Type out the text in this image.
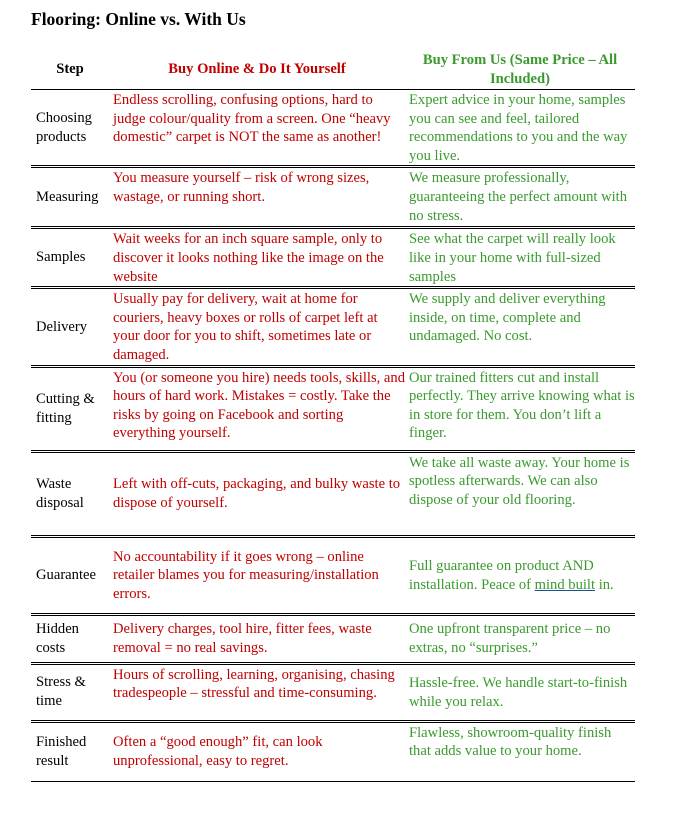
Flooring: Online vs. With Us
Step	Buy Online & Do It Yourself	Buy From Us (Same Price – All Included)
Choosing products	Endless scrolling, confusing options, hard to judge colour/quality from a screen. One “heavy domestic” carpet is NOT the same as another!	Expert advice in your home, samples you can see and feel, tailored recommendations to you and the way you live.
Measuring	You measure yourself – risk of wrong sizes, wastage, or running short.	We measure professionally, guaranteeing the perfect amount with no stress.
Samples	Wait weeks for an inch square sample, only to discover it looks nothing like the image on the website	See what the carpet will really look like in your home with full-sized samples
Delivery	Usually pay for delivery, wait at home for couriers, heavy boxes or rolls of carpet left at your door for you to shift, sometimes late or damaged.	We supply and deliver everything inside, on time, complete and undamaged. No cost.
Cutting & fitting	You (or someone you hire) needs tools, skills, and hours of hard work. Mistakes = costly. Take the risks by going on Facebook and sorting everything yourself.	Our trained fitters cut and install perfectly. They arrive knowing what is in store for them. You don’t lift a finger.
Waste disposal	Left with off-cuts, packaging, and bulky waste to dispose of yourself.	We take all waste away. Your home is spotless afterwards. We can also dispose of your old flooring.
Guarantee	No accountability if it goes wrong – online retailer blames you for measuring/installation errors.	Full guarantee on product AND installation. Peace of mind built in.
Hidden costs	Delivery charges, tool hire, fitter fees, waste removal = no real savings.	One upfront transparent price – no extras, no “surprises.”
Stress & time	Hours of scrolling, learning, organising, chasing tradespeople – stressful and time-consuming.	Hassle-free. We handle start-to-finish while you relax.
Finished result	Often a “good enough” fit, can look unprofessional, easy to regret.	Flawless, showroom-quality finish that adds value to your home.
